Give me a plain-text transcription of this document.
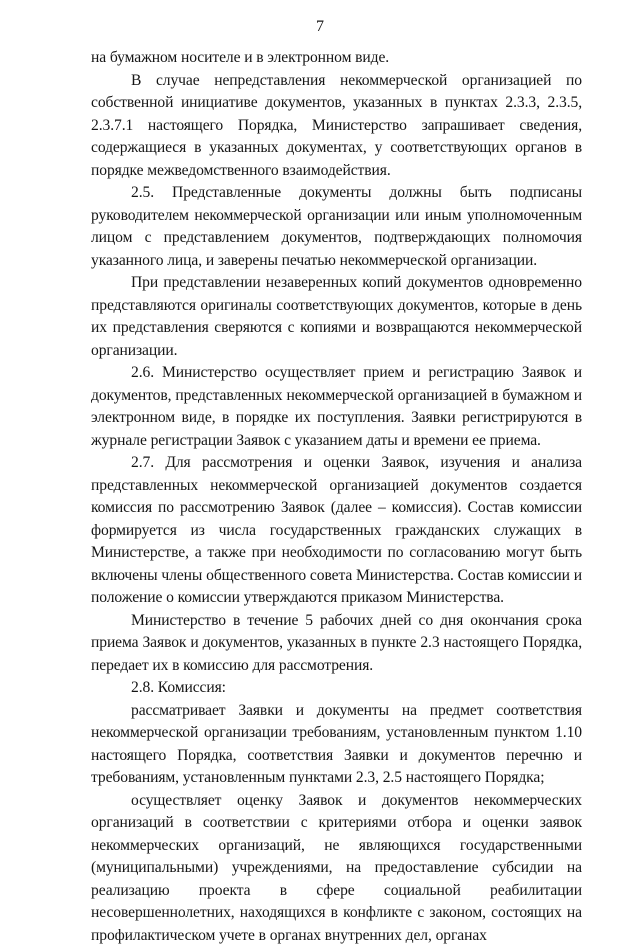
7

на бумажном носителе и в электронном виде.

В случае непредставления некоммерческой организацией по собственной инициативе документов, указанных в пунктах 2.3.3, 2.3.5, 2.3.7.1 настоящего Порядка, Министерство запрашивает сведения, содержащиеся в указанных документах, у соответствующих органов в порядке межведомственного взаимодействия.

2.5. Представленные документы должны быть подписаны руководителем некоммерческой организации или иным уполномоченным лицом с представлением документов, подтверждающих полномочия указанного лица, и заверены печатью некоммерческой организации.

При представлении незаверенных копий документов одновременно представляются оригиналы соответствующих документов, которые в день их представления сверяются с копиями и возвращаются некоммерческой организации.

2.6. Министерство осуществляет прием и регистрацию Заявок и документов, представленных некоммерческой организацией в бумажном и электронном виде, в порядке их поступления. Заявки регистрируются в журнале регистрации Заявок с указанием даты и времени ее приема.

2.7. Для рассмотрения и оценки Заявок, изучения и анализа представленных некоммерческой организацией документов создается комиссия по рассмотрению Заявок (далее – комиссия). Состав комиссии формируется из числа государственных гражданских служащих в Министерстве, а также при необходимости по согласованию могут быть включены члены общественного совета Министерства. Состав комиссии и положение о комиссии утверждаются приказом Министерства.

Министерство в течение 5 рабочих дней со дня окончания срока приема Заявок и документов, указанных в пункте 2.3 настоящего Порядка, передает их в комиссию для рассмотрения.

2.8. Комиссия:

рассматривает Заявки и документы на предмет соответствия некоммерческой организации требованиям, установленным пунктом 1.10 настоящего Порядка, соответствия Заявки и документов перечню и требованиям, установленным пунктами 2.3, 2.5 настоящего Порядка;

осуществляет оценку Заявок и документов некоммерческих организаций в соответствии с критериями отбора и оценки заявок некоммерческих организаций, не являющихся государственными (муниципальными) учреждениями, на предоставление субсидии на реализацию проекта в сфере социальной реабилитации несовершеннолетних, находящихся в конфликте с законом, состоящих на профилактическом учете в органах внутренних дел, органах
